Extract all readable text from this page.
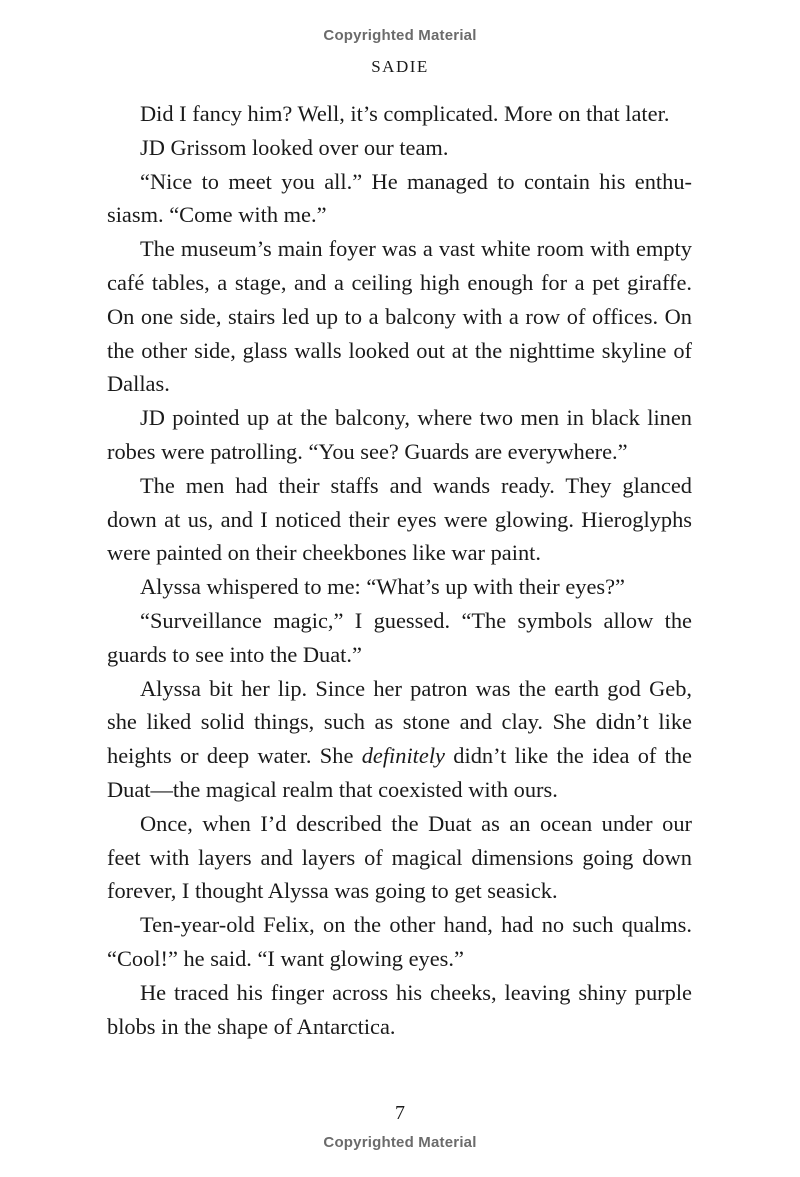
Copyrighted Material
SADIE

Did I fancy him? Well, it’s complicated. More on that later.

JD Grissom looked over our team.

“Nice to meet you all.” He managed to contain his enthusiasm. “Come with me.”

The museum’s main foyer was a vast white room with empty café tables, a stage, and a ceiling high enough for a pet giraffe. On one side, stairs led up to a balcony with a row of offices. On the other side, glass walls looked out at the nighttime skyline of Dallas.

JD pointed up at the balcony, where two men in black linen robes were patrolling. “You see? Guards are everywhere.”

The men had their staffs and wands ready. They glanced down at us, and I noticed their eyes were glowing. Hieroglyphs were painted on their cheekbones like war paint.

Alyssa whispered to me: “What’s up with their eyes?”

“Surveillance magic,” I guessed. “The symbols allow the guards to see into the Duat.”

Alyssa bit her lip. Since her patron was the earth god Geb, she liked solid things, such as stone and clay. She didn’t like heights or deep water. She definitely didn’t like the idea of the Duat—the magical realm that coexisted with ours.

Once, when I’d described the Duat as an ocean under our feet with layers and layers of magical dimensions going down forever, I thought Alyssa was going to get seasick.

Ten-year-old Felix, on the other hand, had no such qualms. “Cool!” he said. “I want glowing eyes.”

He traced his finger across his cheeks, leaving shiny purple blobs in the shape of Antarctica.

7
Copyrighted Material
